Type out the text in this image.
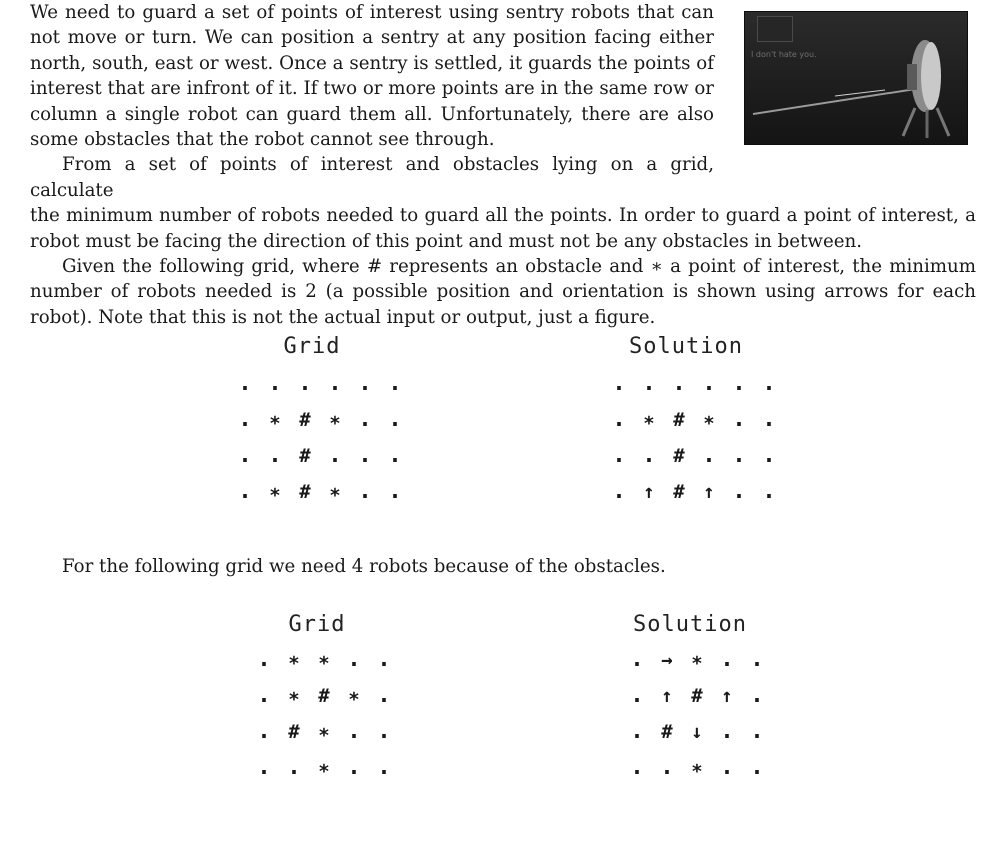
We need to guard a set of points of interest using sentry robots that can not move or turn. We can position a sentry at any position facing either north, south, east or west. Once a sentry is settled, it guards the points of interest that are infront of it. If two or more points are in the same row or column a single robot can guard them all. Unfortunately, there are also some obstacles that the robot cannot see through.

From a set of points of interest and obstacles lying on a grid, calculate

the minimum number of robots needed to guard all the points. In order to guard a point of interest, a robot must be facing the direction of this point and must not be any obstacles in between.

Given the following grid, where # represents an obstacle and ∗ a point of interest, the minimum number of robots needed is 2 (a possible position and orientation is shown using arrows for each robot). Note that this is not the actual input or output, just a figure.

For the following grid we need 4 robots because of the obstacles.

I don't hate you.
Grid
. . . . . .
. ∗ # ∗ . .
. . # . . .
. ∗ # ∗ . .
Solution
. . . . . .
. ∗ # ∗ . .
. . # . . .
. ↑ # ↑ . .
Grid
. ∗ ∗ . .
. ∗ # ∗ .
. # ∗ . .
. . ∗ . .
Solution
. → ∗ . .
. ↑ # ↑ .
. # ↓ . .
. . ∗ . .
